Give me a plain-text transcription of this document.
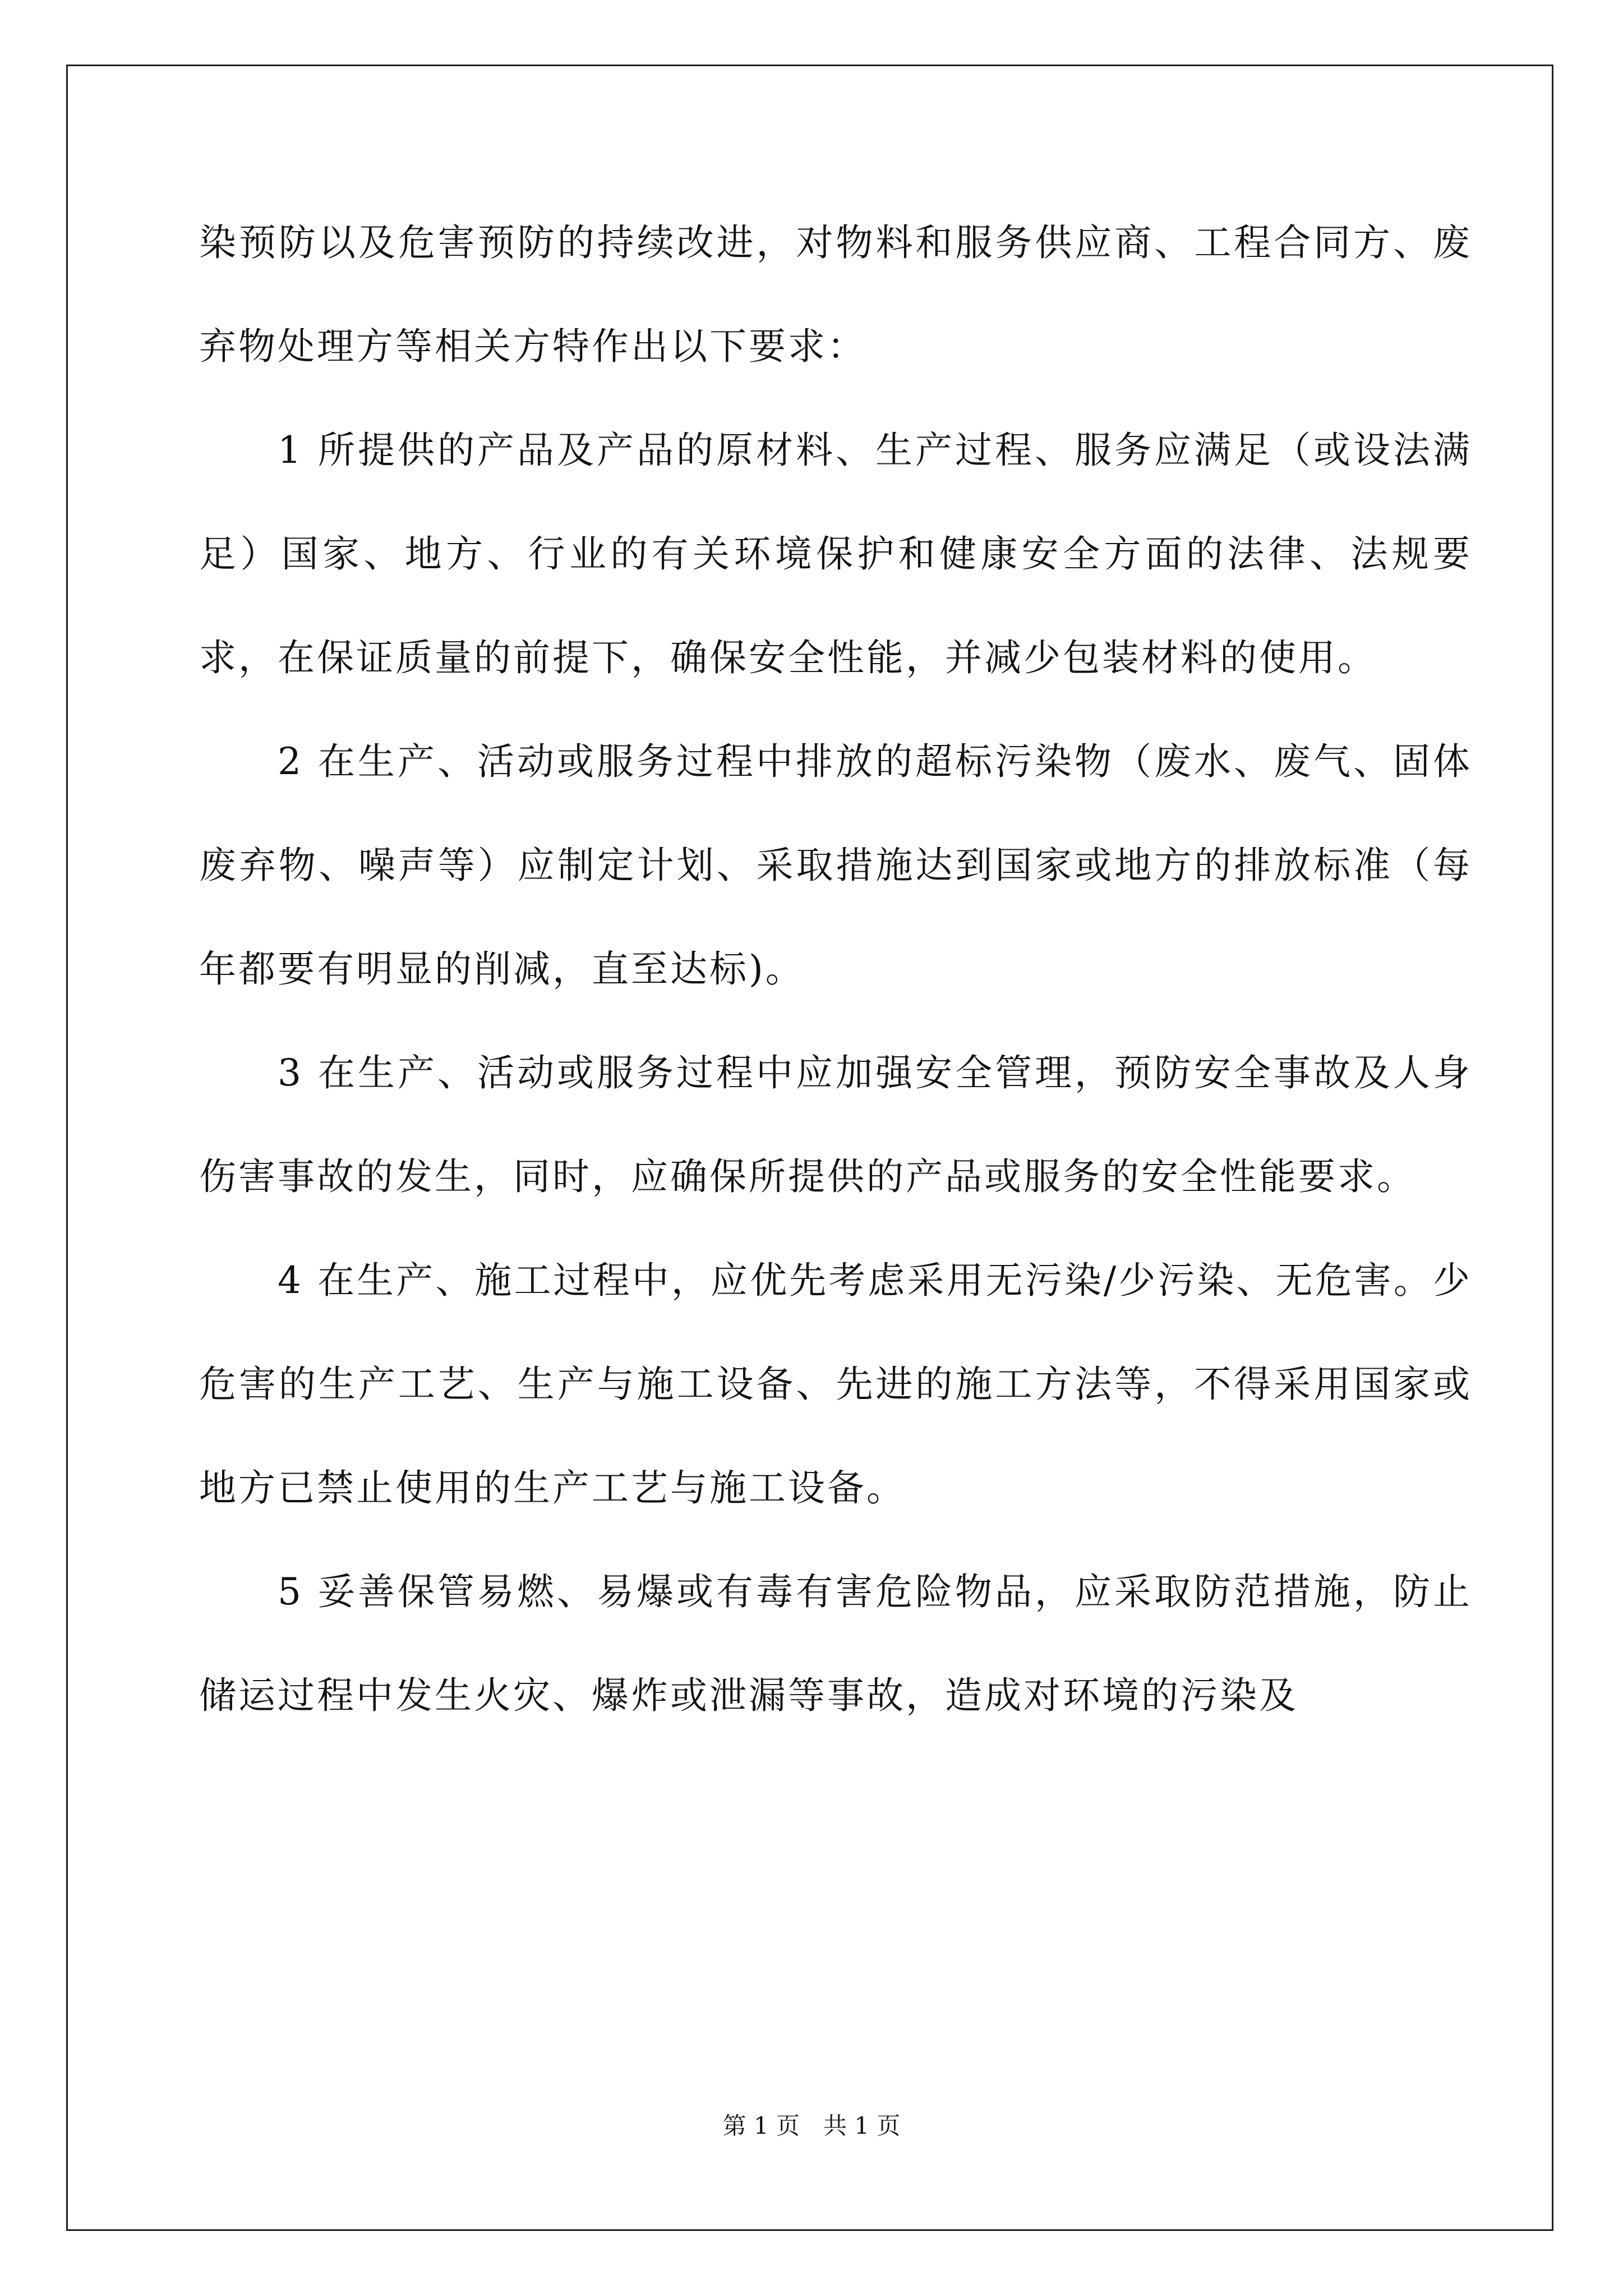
染预防以及危害预防的持续改进，对物料和服务供应商、工程合同方、废弃物处理方等相关方特作出以下要求：

1 所提供的产品及产品的原材料、生产过程、服务应满足（或设法满足）国家、地方、行业的有关环境保护和健康安全方面的法律、法规要求，在保证质量的前提下，确保安全性能，并减少包装材料的使用。

2 在生产、活动或服务过程中排放的超标污染物（废水、废气、固体废弃物、噪声等）应制定计划、采取措施达到国家或地方的排放标准（每年都要有明显的削减，直至达标)。

3 在生产、活动或服务过程中应加强安全管理，预防安全事故及人身伤害事故的发生，同时，应确保所提供的产品或服务的安全性能要求。

4 在生产、施工过程中，应优先考虑采用无污染/少污染、无危害。少危害的生产工艺、生产与施工设备、先进的施工方法等，不得采用国家或地方已禁止使用的生产工艺与施工设备。

5 妥善保管易燃、易爆或有毒有害危险物品，应采取防范措施，防止储运过程中发生火灾、爆炸或泄漏等事故，造成对环境的污染及

第 1 页　共 1 页
